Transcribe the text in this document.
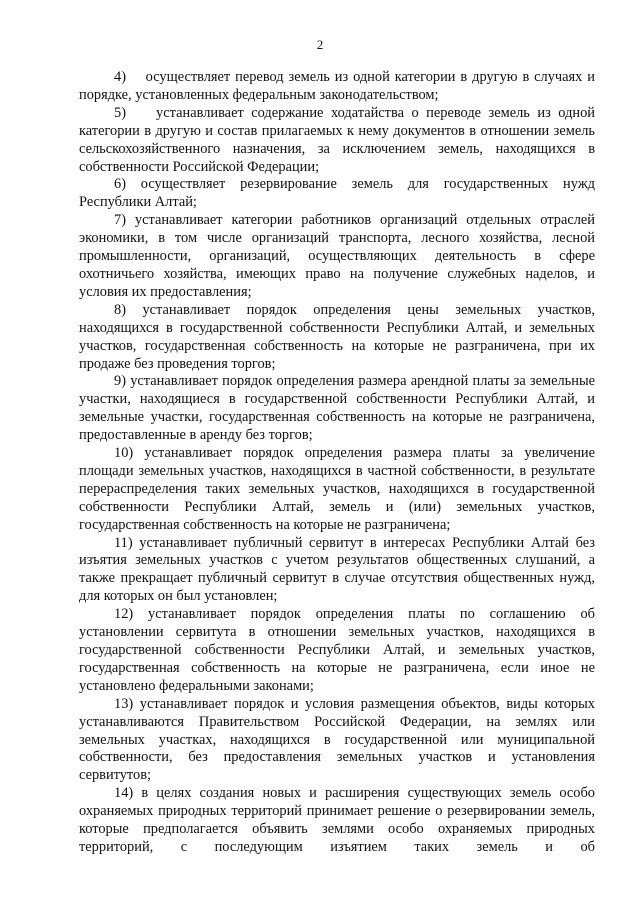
2

4)    осуществляет перевод земель из одной категории в другую в случаях и порядке, установленных федеральным законодательством;

5)    устанавливает содержание ходатайства о переводе земель из одной категории в другую и состав прилагаемых к нему документов в отношении земель сельскохозяйственного назначения, за исключением земель, находящихся в собственности Российской Федерации;

6) осуществляет резервирование земель для государственных нужд Республики Алтай;

7) устанавливает категории работников организаций отдельных отраслей экономики, в том числе организаций транспорта, лесного хозяйства, лесной промышленности, организаций, осуществляющих деятельность в сфере охотничьего хозяйства, имеющих право на получение служебных наделов, и условия их предоставления;

8) устанавливает порядок определения цены земельных участков, находящихся в государственной собственности Республики Алтай, и земельных участков, государственная собственность на которые не разграничена, при их продаже без проведения торгов;

9) устанавливает порядок определения размера арендной платы за земельные участки, находящиеся в государственной собственности Республики Алтай, и земельные участки, государственная собственность на которые не разграничена, предоставленные в аренду без торгов;

10) устанавливает порядок определения размера платы за увеличение площади земельных участков, находящихся в частной собственности, в результате перераспределения таких земельных участков, находящихся в государственной собственности Республики Алтай, земель и (или) земельных участков, государственная собственность на которые не разграничена;

11) устанавливает публичный сервитут в интересах Республики Алтай без изъятия земельных участков с учетом результатов общественных слушаний, а также прекращает публичный сервитут в случае отсутствия общественных нужд, для которых он был установлен;

12) устанавливает порядок определения платы по соглашению об установлении сервитута в отношении земельных участков, находящихся в государственной собственности Республики Алтай, и земельных участков, государственная собственность на которые не разграничена, если иное не установлено федеральными законами;

13) устанавливает порядок и условия размещения объектов, виды которых устанавливаются Правительством Российской Федерации, на землях или земельных участках, находящихся в государственной или муниципальной собственности, без предоставления земельных участков и установления сервитутов;

14) в целях создания новых и расширения существующих земель особо охраняемых природных территорий принимает решение о резервировании земель, которые предполагается объявить землями особо охраняемых природных территорий, с последующим изъятием таких земель и об
